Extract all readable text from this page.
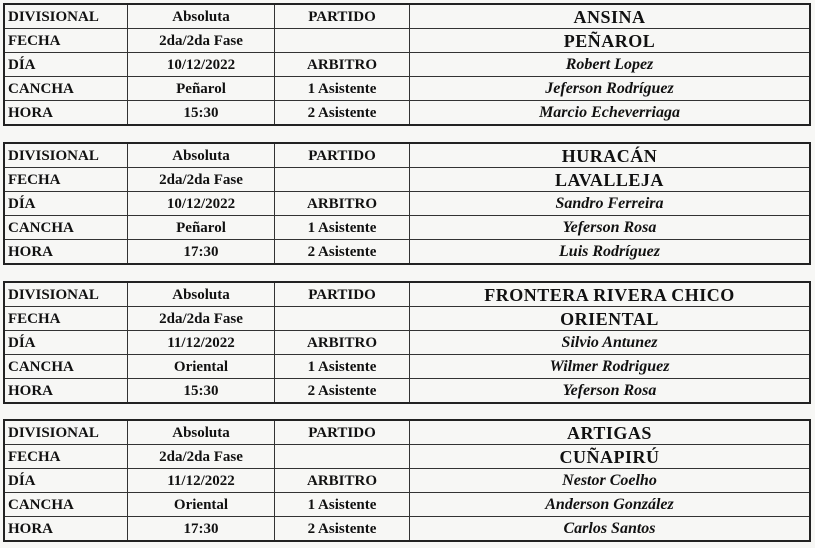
DIVISIONAL	Absoluta	PARTIDO	ANSINA
FECHA	2da/2da Fase		PEÑAROL
DÍA	10/12/2022	ARBITRO	Robert Lopez
CANCHA	Peñarol	1 Asistente	Jeferson Rodríguez
HORA	15:30	2 Asistente	Marcio Echeverriaga
DIVISIONAL	Absoluta	PARTIDO	HURACÁN
FECHA	2da/2da Fase		LAVALLEJA
DÍA	10/12/2022	ARBITRO	Sandro Ferreira
CANCHA	Peñarol	1 Asistente	Yeferson Rosa
HORA	17:30	2 Asistente	Luis Rodríguez
DIVISIONAL	Absoluta	PARTIDO	FRONTERA RIVERA CHICO
FECHA	2da/2da Fase		ORIENTAL
DÍA	11/12/2022	ARBITRO	Silvio Antunez
CANCHA	Oriental	1 Asistente	Wilmer Rodriguez
HORA	15:30	2 Asistente	Yeferson Rosa
DIVISIONAL	Absoluta	PARTIDO	ARTIGAS
FECHA	2da/2da Fase		CUÑAPIRÚ
DÍA	11/12/2022	ARBITRO	Nestor Coelho
CANCHA	Oriental	1 Asistente	Anderson González
HORA	17:30	2 Asistente	Carlos Santos
